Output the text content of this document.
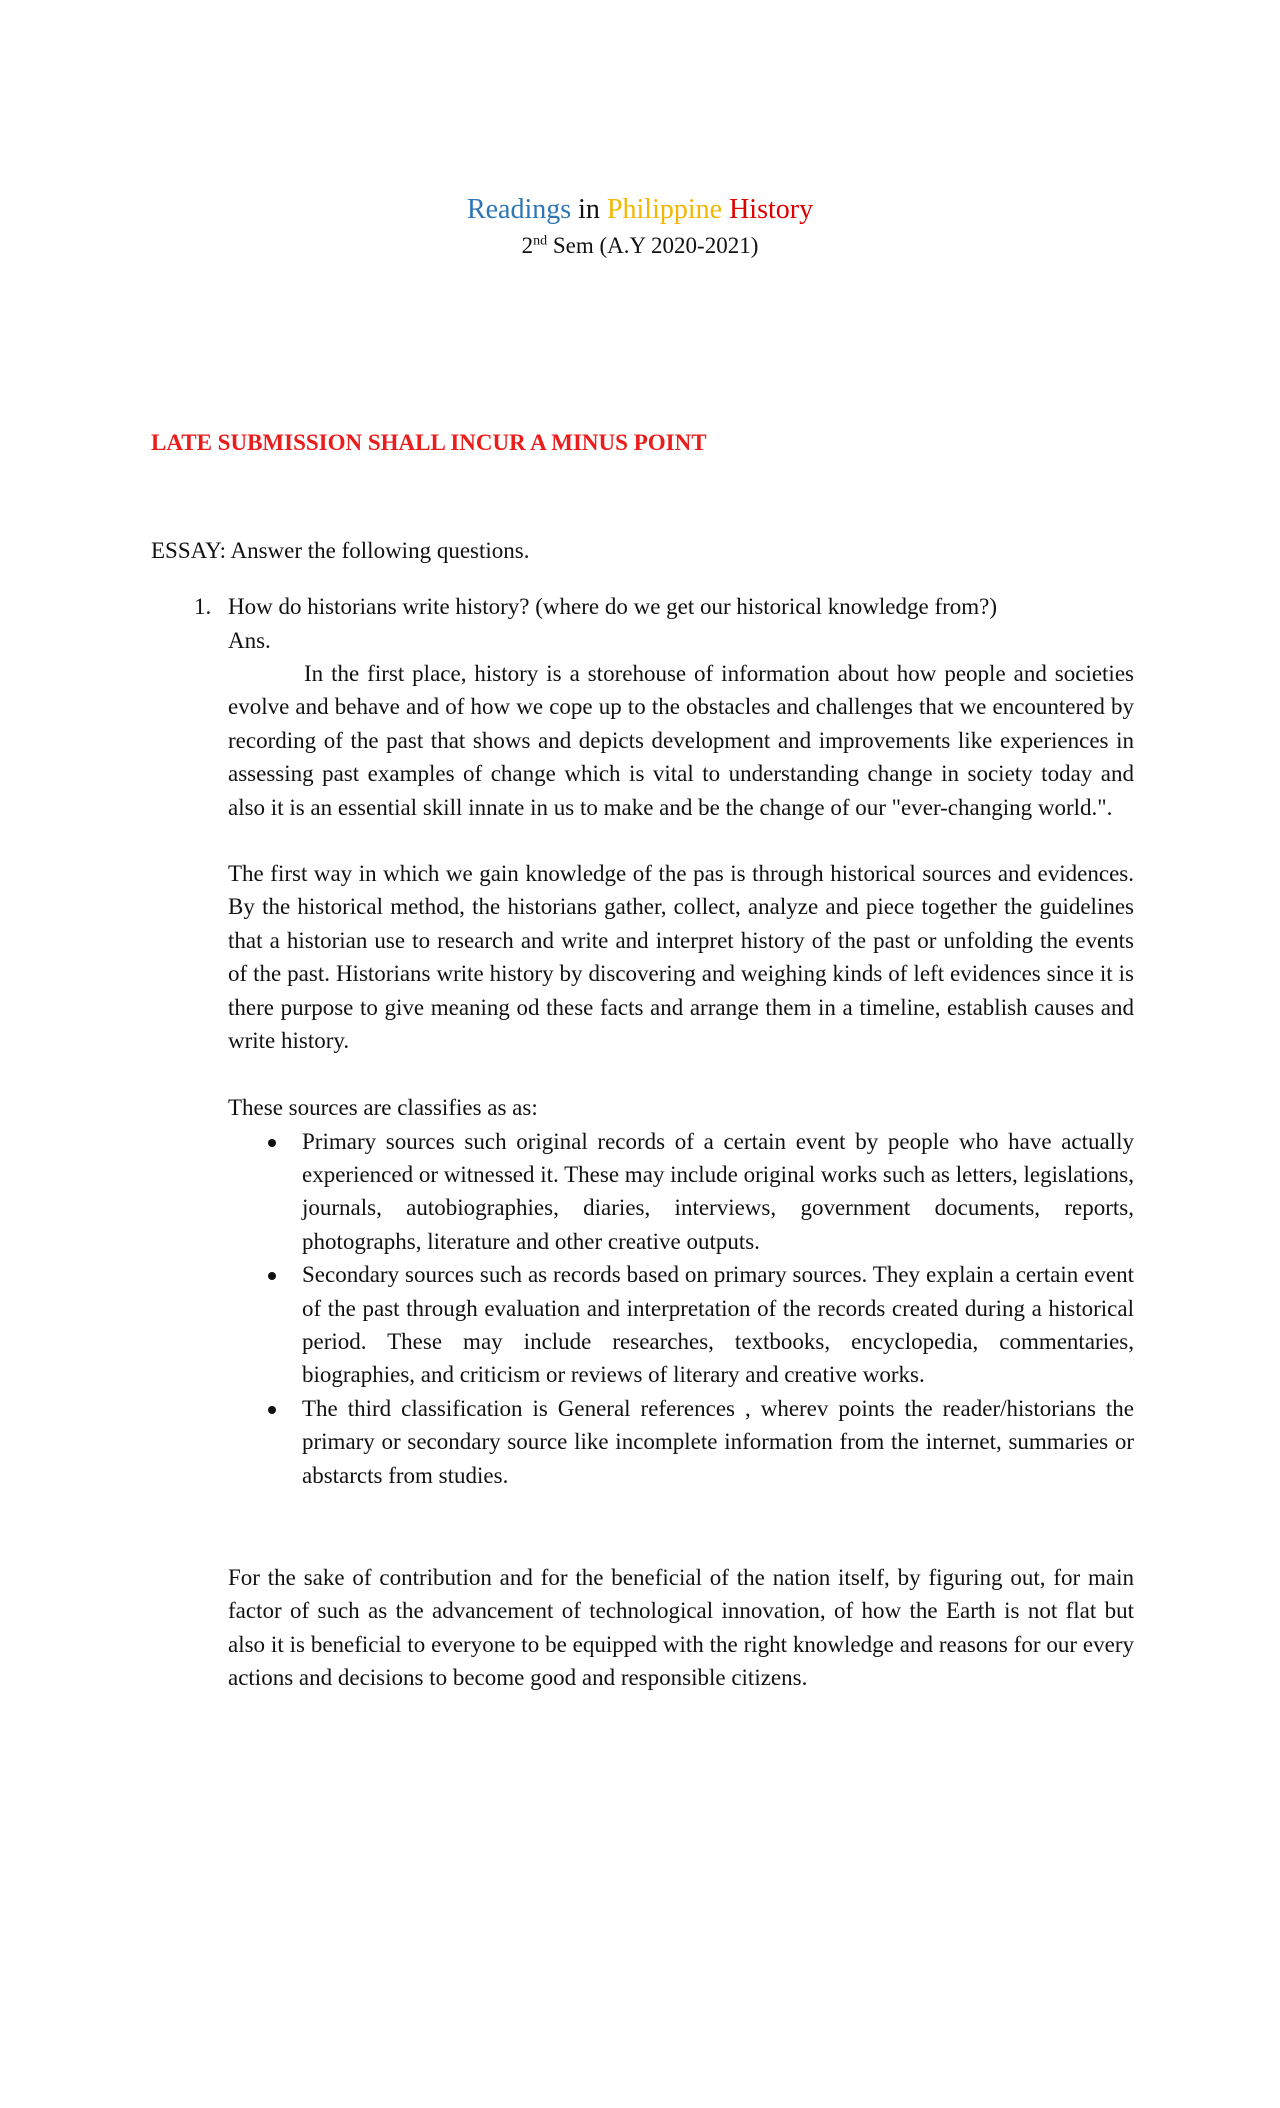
Readings in Philippine History
2nd Sem (A.Y 2020-2021)
LATE SUBMISSION SHALL INCUR A MINUS POINT
ESSAY: Answer the following questions.
1. How do historians write history? (where do we get our historical knowledge from?)
Ans.
In the first place, history is a storehouse of information about how people and societies evolve and behave and of how we cope up to the obstacles and challenges that we encountered by recording of the past that shows and depicts development and improvements like experiences in assessing past examples of change which is vital to understanding change in society today and also it is an essential skill innate in us to make and be the change of our "ever-changing world.".
The first way in which we gain knowledge of the pas is through historical sources and evidences. By the historical method, the historians gather, collect, analyze and piece together the guidelines that a historian use to research and write and interpret history of the past or unfolding the events of the past. Historians write history by discovering and weighing kinds of left evidences since it is there purpose to give meaning od these facts and arrange them in a timeline, establish causes and write history.
These sources are classifies as as:
Primary sources such original records of a certain event by people who have actually experienced or witnessed it. These may include original works such as letters, legislations, journals, autobiographies, diaries, interviews, government documents, reports, photographs, literature and other creative outputs.
Secondary sources such as records based on primary sources. They explain a certain event of the past through evaluation and interpretation of the records created during a historical period. These may include researches, textbooks, encyclopedia, commentaries, biographies, and criticism or reviews of literary and creative works.
The third classification is General references , wherev points the reader/historians the primary or secondary source like incomplete information from the internet, summaries or abstarcts from studies.
For the sake of contribution and for the beneficial of the nation itself, by figuring out, for main factor of such as the advancement of technological innovation, of how the Earth is not flat but also it is beneficial to everyone to be equipped with the right knowledge and reasons for our every actions and decisions to become good and responsible citizens.
